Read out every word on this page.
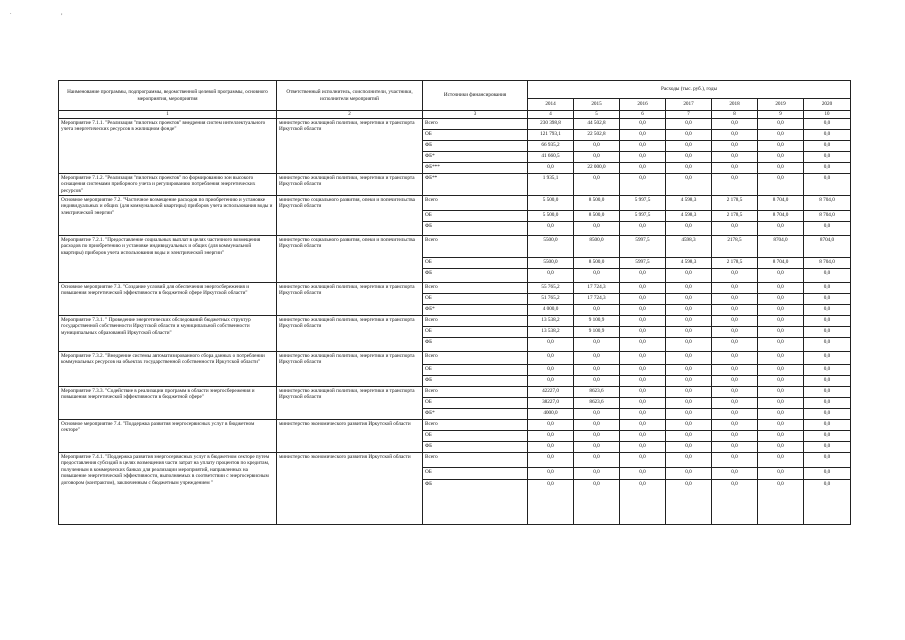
. ,
Наименование программы, подпрограммы, ведомственной целевой программы, основного мероприятия, мероприятия	Ответственный исполнитель, соисполнители, участники, исполнители мероприятий	Источники финансирования	Расходы (тыс. руб.), годы						
			2014	2015	2016	2017	2018	2019	2020
1	2	3	4	5	6	7	8	9	10
Мероприятие 7.1.1. "Реализация "пилотных проектов" внедрения систем интеллектуального учета энергетических ресурсов в жилищном фонде"	министерство жилищной политики, энергетики и транспорта Иркутской области	Всего	230 398,8	44 502,8	0,0	0,0	0,0	0,0	0,0
		ОБ	121 793,1	22 502,8	0,0	0,0	0,0	0,0	0,0
		ФБ	66 935,2	0,0	0,0	0,0	0,0	0,0	0,0
		ФБ*	41 660,5	0,0	0,0	0,0	0,0	0,0	0,0
		ФБ***	0,0	22 000,0	0,0	0,0	0,0	0,0	0,0
Мероприятие 7.1.2. "Реализация "пилотных проектов" по формированию зон высокого оснащения системами приборного учета и регулированию потребления энергетических ресурсов"	министерство жилищной политики, энергетики и транспорта Иркутской области	ФБ**	1 935,1	0,0	0,0	0,0	0,0	0,0	0,0
Основное мероприятие 7.2. "Частичное возмещение расходов по приобретению и установке индивидуальных и общих (для коммунальной квартиры) приборов учета использования воды и электрической энергии"	министерство социального развития, опеки и попечительства Иркутской области	Всего	5 500,0	8 500,0	5 997,5	4 598,3	2 178,5	8 704,0	8 704,0
		ОБ	5 500,0	8 500,0	5 997,5	4 598,3	2 178,5	8 704,0	8 704,0
		ФБ	0,0	0,0	0,0	0,0	0,0	0,0	0,0
Мероприятие 7.2.1. "Предоставление социальных выплат в целях частичного возмещения расходов по приобретению и установке индивидуальных и общих (для коммунальной квартиры) приборов учета использования воды и электрической энергии"	министерство социального развития, опеки и попечительства Иркутской области	Всего	5500,0	8500,0	5997,5	4598,3	2178,5	8704,0	8704,0
		ОБ	5500,0	8 500,0	5997,5	4 598,3	2 178,5	8 704,0	8 704,0
		ФБ	0,0	0,0	0,0	0,0	0,0	0,0	0,0
Основное мероприятие 7.3. "Создание условий для обеспечения энергосбережения и повышения энергетической эффективности в бюджетной сфере Иркутской области"	министерство жилищной политики, энергетики и транспорта Иркутской области	Всего	55 765,2	17 724,3	0,0	0,0	0,0	0,0	0,0
		ОБ	51 765,2	17 724,3	0,0	0,0	0,0	0,0	0,0
		ФБ*	4 000,0	0,0	0,0	0,0	0,0	0,0	0,0
Мероприятие 7.3.1. " Проведение энергетических обследований бюджетных структур государственной собственности Иркутской области и муниципальной собственности муниципальных образований Иркутской области"	министерство жилищной политики, энергетики и транспорта Иркутской области	Всего	13 538,2	9 100,9	0,0	0,0	0,0	0,0	0,0
		ОБ	13 538,2	9 100,9	0,0	0,0	0,0	0,0	0,0
		ФБ	0,0	0,0	0,0	0,0	0,0	0,0	0,0
Мероприятие 7.3.2. "Внедрение системы автоматизированного сбора данных о потреблении коммунальных ресурсов на объектах государственной собственности Иркутской области"	министерство жилищной политики, энергетики и транспорта Иркутской области	Всего	0,0	0,0	0,0	0,0	0,0	0,0	0,0
		ОБ	0,0	0,0	0,0	0,0	0,0	0,0	0,0
		ФБ	0,0	0,0	0,0	0,0	0,0	0,0	0,0
Мероприятие 7.3.3. "Содействие в реализации программ в области энергосбережения и повышения энергетической эффективности в бюджетной сфере"	министерство жилищной политики, энергетики и транспорта Иркутской области	Всего	42227,0	8623,6	0,0	0,0	0,0	0,0	0,0
		ОБ	38227,0	8623,6	0,0	0,0	0,0	0,0	0,0
		ФБ*	4000,0	0,0	0,0	0,0	0,0	0,0	0,0
Основное мероприятие 7.4. "Поддержка развития энергосервисных услуг в бюджетном секторе"	министерство экономического развития Иркутской области	Всего	0,0	0,0	0,0	0,0	0,0	0,0	0,0
		ОБ	0,0	0,0	0,0	0,0	0,0	0,0	0,0
		ФБ	0,0	0,0	0,0	0,0	0,0	0,0	0,0
Мероприятие 7.4.1. "Поддержка развития энергосервисных услуг в бюджетном секторе путем предоставления субсидий в целях возмещения части затрат на уплату процентов по кредитам, полученным в коммерческих банках для реализации мероприятий, направленных на повышение энергетической эффективности, выполняемых в соответствии с энергосервисным договором (контрактом), заключенным с бюджетным учреждением "	министерство экономического развития Иркутской области	Всего	0,0	0,0	0,0	0,0	0,0	0,0	0,0
		ОБ	0,0	0,0	0,0	0,0	0,0	0,0	0,0
		ФБ	0,0	0,0	0,0	0,0	0,0	0,0	0,0
